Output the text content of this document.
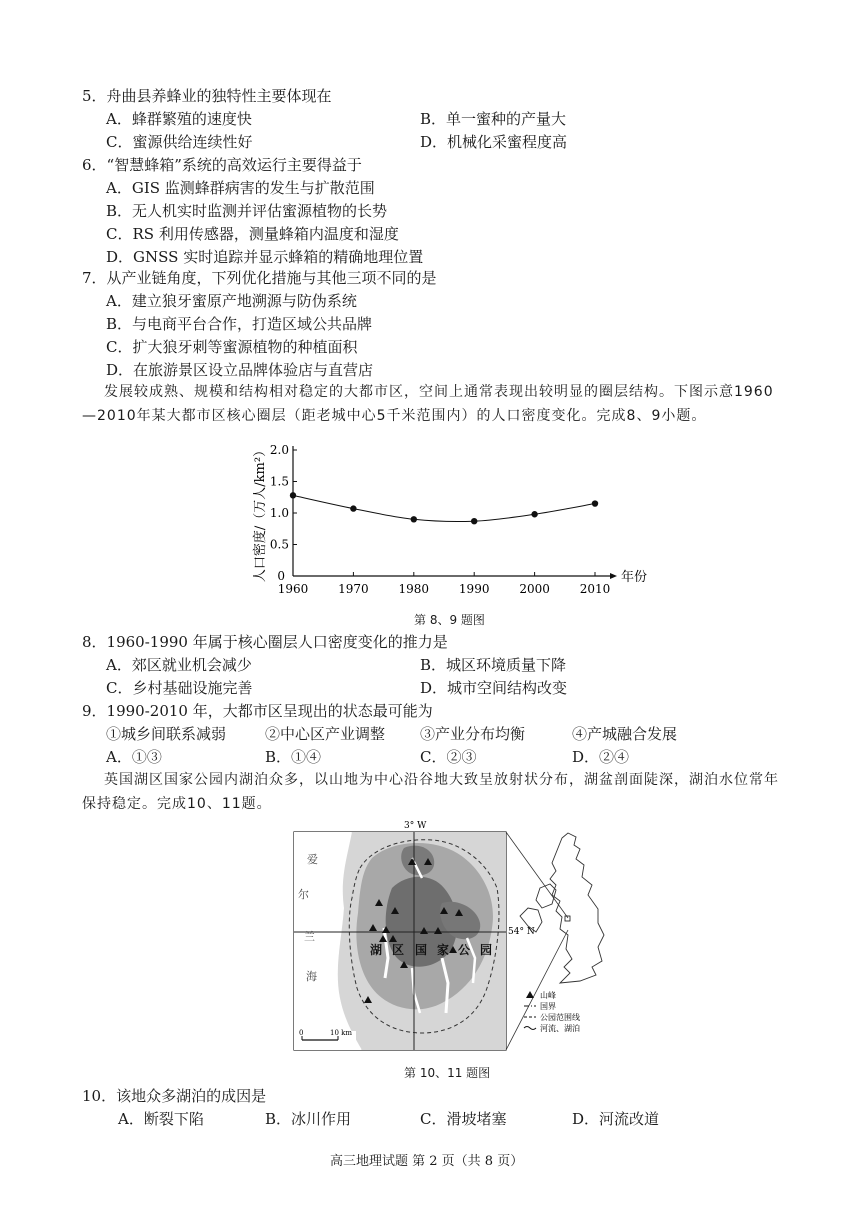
5．舟曲县养蜂业的独特性主要体现在
A．蜂群繁殖的速度快	B．单一蜜种的产量大
C．蜜源供给连续性好	D．机械化采蜜程度高
6．“智慧蜂箱”系统的高效运行主要得益于
A．GIS 监测蜂群病害的发生与扩散范围
B．无人机实时监测并评估蜜源植物的长势
C．RS 利用传感器，测量蜂箱内温度和湿度
D．GNSS 实时追踪并显示蜂箱的精确地理位置
7．从产业链角度，下列优化措施与其他三项不同的是
A．建立狼牙蜜原产地溯源与防伪系统
B．与电商平台合作，打造区域公共品牌
C．扩大狼牙刺等蜜源植物的种植面积
D．在旅游景区设立品牌体验店与直营店
发展较成熟、规模和结构相对稳定的大都市区，空间上通常表现出较明显的圈层结构。下图示意1960—2010年某大都市区核心圈层（距老城中心5千米范围内）的人口密度变化。完成8、9小题。
0
0.5
1.0
1.5
2.0
1960 1970 1980 1990 2000 2010
人口密度/（万人/km²）	年份
第 8、9 题图
8．1960-1990 年属于核心圈层人口密度变化的推力是
A．郊区就业机会减少	B．城区环境质量下降
C．乡村基础设施完善	D．城市空间结构改变
9．1990-2010 年，大都市区呈现出的状态最可能为
①城乡间联系减弱	②中心区产业调整 ③产业分布均衡	④产城融合发展
A．①③	B．①④	C．②③	D．②④
英国湖区国家公园内湖泊众多，以山地为中心沿谷地大致呈放射状分布，湖盆剖面陡深，湖泊水位常年保持稳定。完成10、11题。
3° W
54° N
爱
尔
兰
海
湖 区 国 家 公 园
0	10 km
山峰
国界
公园范围线
河流、湖泊
第 10、11 题图
10．该地众多湖泊的成因是
A．断裂下陷	B．冰川作用	C．滑坡堵塞	D．河流改道
高三地理试题 第 2 页（共 8 页）
